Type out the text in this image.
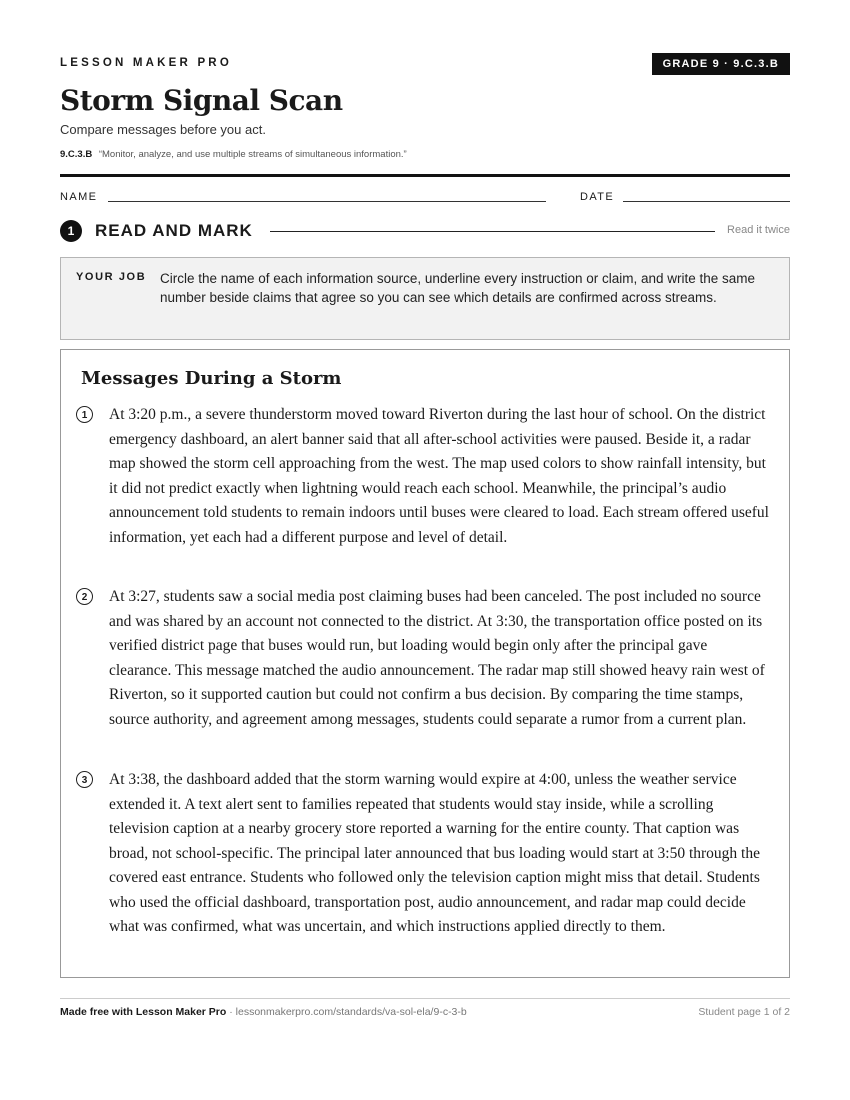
LESSON MAKER PRO	GRADE 9 · 9.C.3.B
Storm Signal Scan
Compare messages before you act.
9.C.3.B “Monitor, analyze, and use multiple streams of simultaneous information.”
NAME	DATE
1	READ AND MARK	Read it twice
YOUR JOB Circle the name of each information source, underline every instruction or claim, and write the same number beside claims that agree so you can see which details are confirmed across streams.
Messages During a Storm
1	At 3:20 p.m., a severe thunderstorm moved toward Riverton during the last hour of school. On the district emergency dashboard, an alert banner said that all after-school activities were paused. Beside it, a radar map showed the storm cell approaching from the west. The map used colors to show rainfall intensity, but it did not predict exactly when lightning would reach each school. Meanwhile, the principal’s audio announcement told students to remain indoors until buses were cleared to load. Each stream offered useful information, yet each had a different purpose and level of detail.

2	At 3:27, students saw a social media post claiming buses had been canceled. The post included no source and was shared by an account not connected to the district. At 3:30, the transportation office posted on its verified district page that buses would run, but loading would begin only after the principal gave clearance. This message matched the audio announcement. The radar map still showed heavy rain west of Riverton, so it supported caution but could not confirm a bus decision. By comparing the time stamps, source authority, and agreement among messages, students could separate a rumor from a current plan.

3	At 3:38, the dashboard added that the storm warning would expire at 4:00, unless the weather service extended it. A text alert sent to families repeated that students would stay inside, while a scrolling television caption at a nearby grocery store reported a warning for the entire county. That caption was broad, not school-specific. The principal later announced that bus loading would start at 3:50 through the covered east entrance. Students who followed only the television caption might miss that detail. Students who used the official dashboard, transportation post, audio announcement, and radar map could decide what was confirmed, what was uncertain, and which instructions applied directly to them.

Made free with Lesson Maker Pro · lessonmakerpro.com/standards/va-sol-ela/9-c-3-b	Student page 1 of 2
